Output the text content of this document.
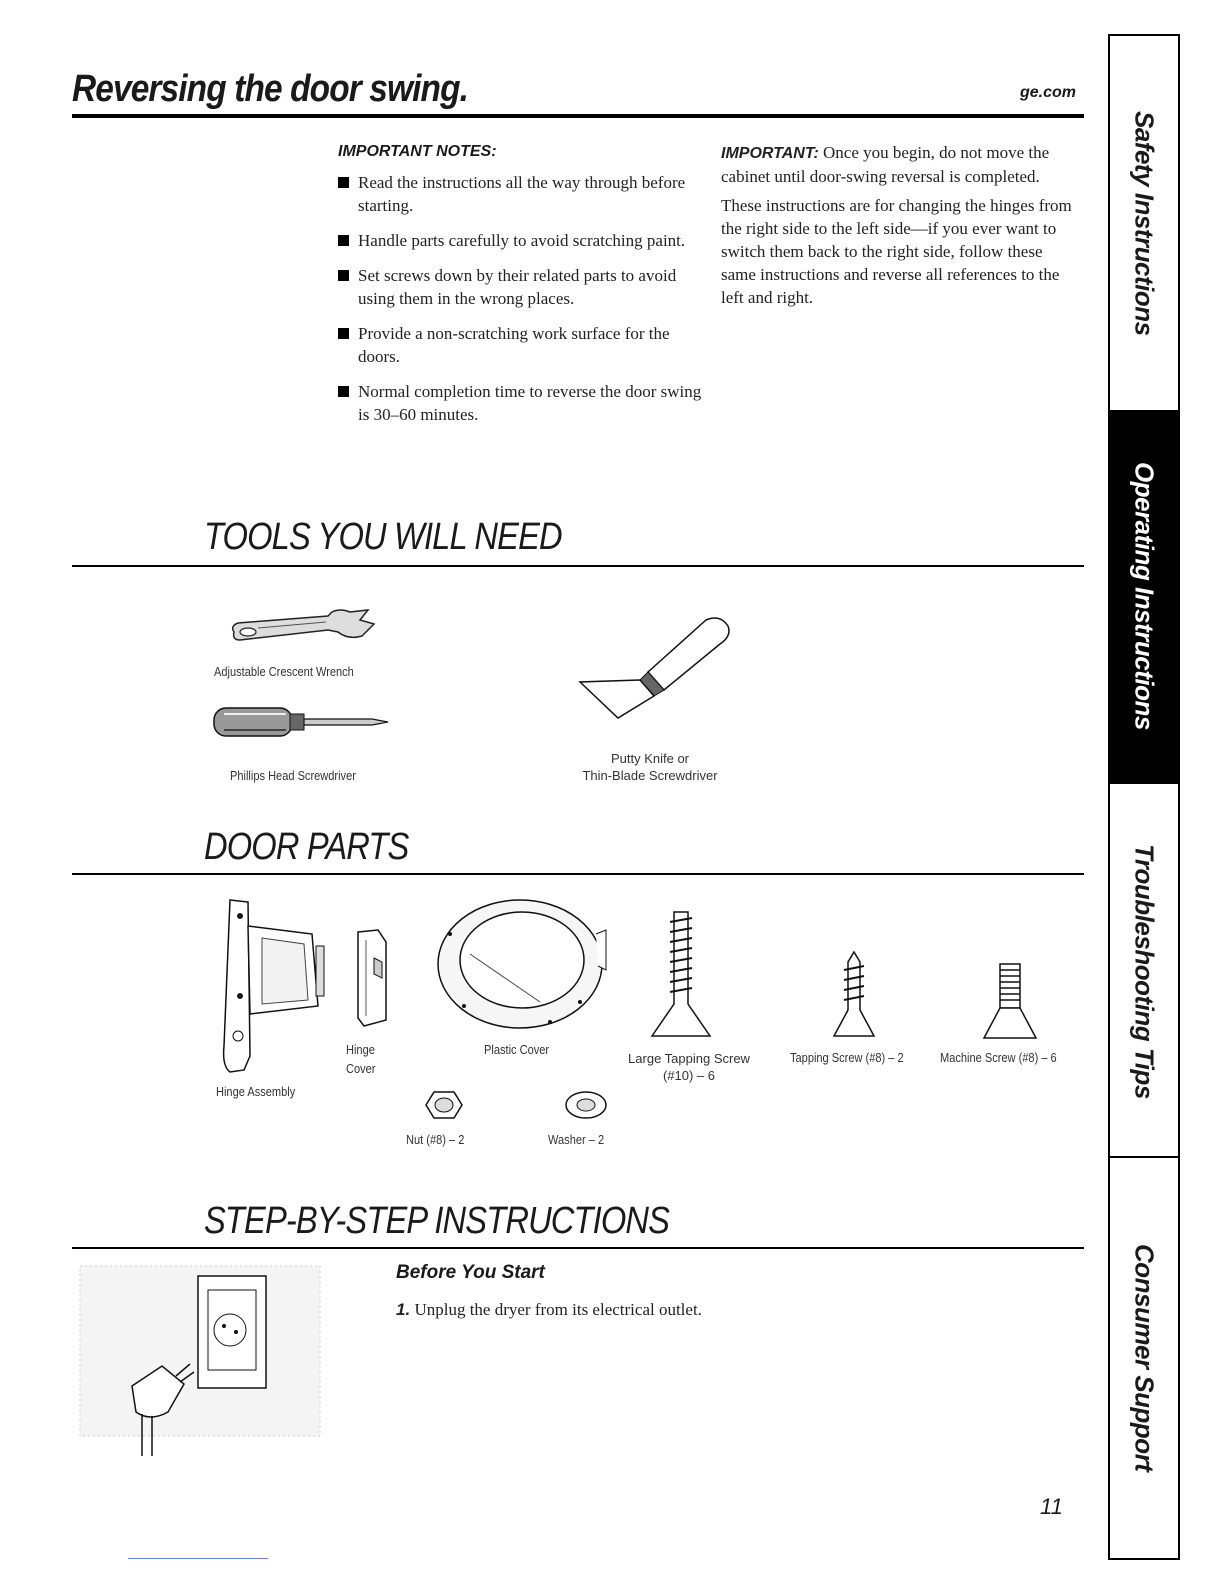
Reversing the door swing.	ge.com
IMPORTANT NOTES:
Read the instructions all the way through before starting.
Handle parts carefully to avoid scratching paint.
Set screws down by their related parts to avoid using them in the wrong places.
Provide a non-scratching work surface for the doors.
Normal completion time to reverse the door swing is 30–60 minutes.
IMPORTANT: Once you begin, do not move the cabinet until door-swing reversal is completed.
These instructions are for changing the hinges from the right side to the left side—if you ever want to switch them back to the right side, follow these same instructions and reverse all references to the left and right.
TOOLS YOU WILL NEED
Adjustable Crescent Wrench
Phillips Head Screwdriver
Putty Knife or
Thin-Blade Screwdriver
DOOR PARTS
Hinge Assembly
Hinge
Cover
Plastic Cover
Large Tapping Screw
(#10) – 6
Tapping Screw (#8) – 2	Machine Screw (#8) – 6
Nut (#8) – 2	Washer – 2
STEP-BY-STEP INSTRUCTIONS
Before You Start
1. Unplug the dryer from its electrical outlet.
11
Safety Instructions
Operating Instructions
Troubleshooting Tips
Consumer Support
